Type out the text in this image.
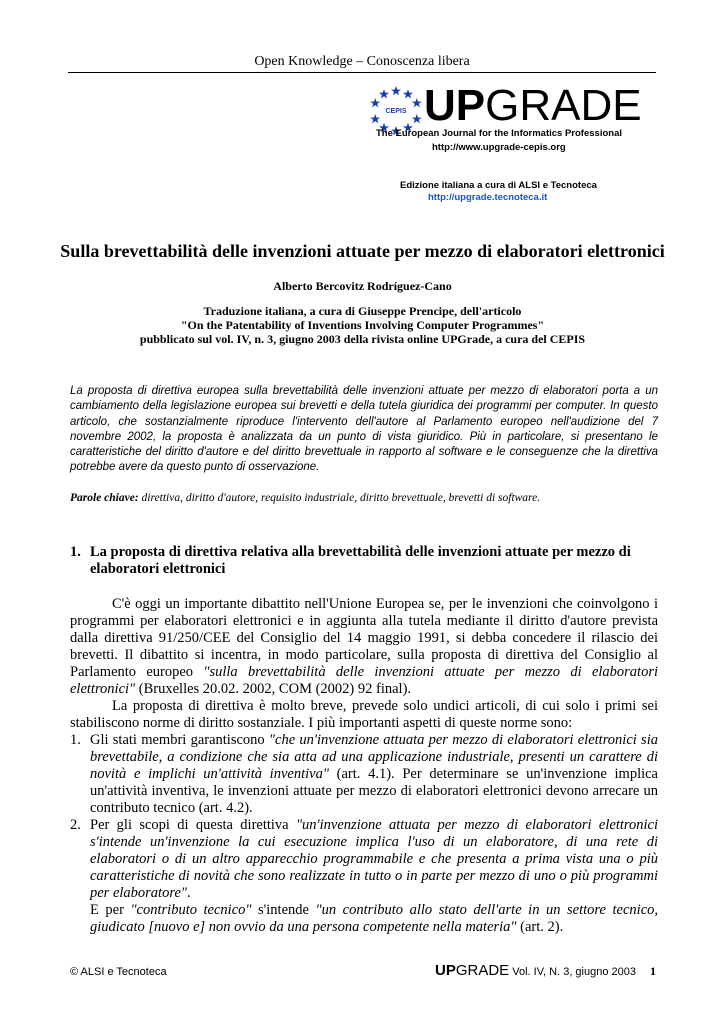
Open Knowledge – Conoscenza libera
CEPIS UPGRADE
The European Journal for the Informatics Professional
http://www.upgrade-cepis.org
Edizione italiana a cura di ALSI e Tecnoteca
http://upgrade.tecnoteca.it
Sulla brevettabilità delle invenzioni attuate per mezzo di elaboratori elettronici
Alberto Bercovitz Rodríguez-Cano
Traduzione italiana, a cura di Giuseppe Prencipe, dell'articolo
"On the Patentability of Inventions Involving Computer Programmes"
pubblicato sul vol. IV, n. 3, giugno 2003 della rivista online UPGrade, a cura del CEPIS
La proposta di direttiva europea sulla brevettabilità delle invenzioni attuate per mezzo di elaboratori porta a un cambiamento della legislazione europea sui brevetti e della tutela giuridica dei programmi per computer. In questo articolo, che sostanzialmente riproduce l'intervento dell'autore al Parlamento europeo nell'audizione del 7 novembre 2002, la proposta è analizzata da un punto di vista giuridico. Più in particolare, si presentano le caratteristiche del diritto d'autore e del diritto brevettuale in rapporto al software e le conseguenze che la direttiva potrebbe avere da questo punto di osservazione.
Parole chiave: direttiva, diritto d'autore, requisito industriale, diritto brevettuale, brevetti di software.
1. La proposta di direttiva relativa alla brevettabilità delle invenzioni attuate per mezzo di elaboratori elettronici

C'è oggi un importante dibattito nell'Unione Europea se, per le invenzioni che coinvolgono i programmi per elaboratori elettronici e in aggiunta alla tutela mediante il diritto d'autore prevista dalla direttiva 91/250/CEE del Consiglio del 14 maggio 1991, si debba concedere il rilascio dei brevetti. Il dibattito si incentra, in modo particolare, sulla proposta di direttiva del Consiglio al Parlamento europeo "sulla brevettabilità delle invenzioni attuate per mezzo di elaboratori elettronici" (Bruxelles 20.02. 2002, COM (2002) 92 final).

La proposta di direttiva è molto breve, prevede solo undici articoli, di cui solo i primi sei stabiliscono norme di diritto sostanziale. I più importanti aspetti di queste norme sono:

1. Gli stati membri garantiscono "che un'invenzione attuata per mezzo di elaboratori elettronici sia brevettabile, a condizione che sia atta ad una applicazione industriale, presenti un carattere di novità e implichi un'attività inventiva" (art. 4.1). Per determinare se un'invenzione implica un'attività inventiva, le invenzioni attuate per mezzo di elaboratori elettronici devono arrecare un contributo tecnico (art. 4.2).
2. Per gli scopi di questa direttiva "un'invenzione attuata per mezzo di elaboratori elettronici s'intende un'invenzione la cui esecuzione implica l'uso di un elaboratore, di una rete di elaboratori o di un altro apparecchio programmabile e che presenta a prima vista una o più caratteristiche di novità che sono realizzate in tutto o in parte per mezzo di uno o più programmi per elaboratore".
E per "contributo tecnico" s'intende "un contributo allo stato dell'arte in un settore tecnico, giudicato [nuovo e] non ovvio da una persona competente nella materia" (art. 2).
© ALSI e Tecnoteca	UPGRADE Vol. IV, N. 3, giugno 2003 1
